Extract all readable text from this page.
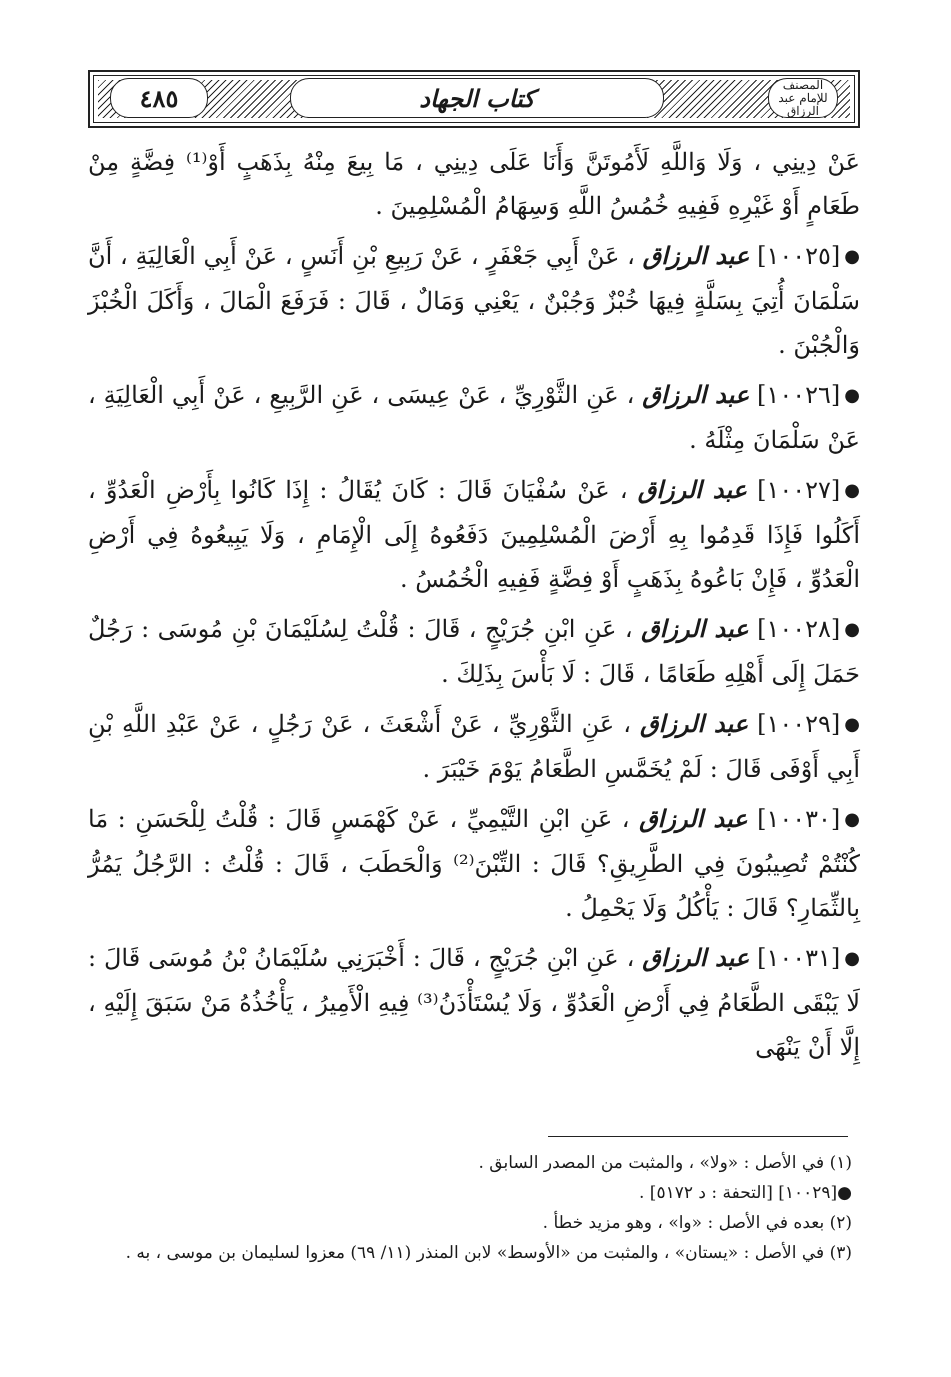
٤٨٥	كتاب الجهاد	المصنف
للإمام عبد الرزاق

عَنْ دِينِي ، وَلَا وَاللَّهِ لَأَمُوتَنَّ وَأَنَا عَلَى دِينِي ، مَا بِيعَ مِنْهُ بِذَهَبٍ أَوْ⁽¹⁾ فِضَّةٍ مِنْ طَعَامٍ أَوْ غَيْرِهِ فَفِيهِ خُمُسُ اللَّهِ وَسِهَامُ الْمُسْلِمِينَ .

●[١٠٠٢٥] عبد الرزاق ، عَنْ أَبِي جَعْفَرٍ ، عَنْ رَبِيعِ بْنِ أَنَسٍ ، عَنْ أَبِي الْعَالِيَةِ ، أَنَّ سَلْمَانَ أُتِيَ بِسَلَّةٍ فِيهَا خُبْزٌ وَجُبْنٌ ، يَعْنِي وَمَالٌ ، قَالَ : فَرَفَعَ الْمَالَ ، وَأَكَلَ الْخُبْزَ وَالْجُبْنَ .

●[١٠٠٢٦] عبد الرزاق ، عَنِ الثَّوْرِيِّ ، عَنْ عِيسَى ، عَنِ الرَّبِيعِ ، عَنْ أَبِي الْعَالِيَةِ ، عَنْ سَلْمَانَ مِثْلَهُ .

●[١٠٠٢٧] عبد الرزاق ، عَنْ سُفْيَانَ قَالَ : كَانَ يُقَالُ : إِذَا كَانُوا بِأَرْضِ الْعَدُوِّ ، أَكَلُوا فَإِذَا قَدِمُوا بِهِ أَرْضَ الْمُسْلِمِينَ دَفَعُوهُ إِلَى الْإِمَامِ ، وَلَا يَبِيعُوهُ فِي أَرْضِ الْعَدُوِّ ، فَإِنْ بَاعُوهُ بِذَهَبٍ أَوْ فِضَّةٍ فَفِيهِ الْخُمُسُ .

●[١٠٠٢٨] عبد الرزاق ، عَنِ ابْنِ جُرَيْجٍ ، قَالَ : قُلْتُ لِسُلَيْمَانَ بْنِ مُوسَى : رَجُلٌ حَمَلَ إِلَى أَهْلِهِ طَعَامًا ، قَالَ : لَا بَأْسَ بِذَلِكَ .

●[١٠٠٢٩] عبد الرزاق ، عَنِ الثَّوْرِيِّ ، عَنْ أَشْعَثَ ، عَنْ رَجُلٍ ، عَنْ عَبْدِ اللَّهِ بْنِ أَبِي أَوْفَى قَالَ : لَمْ يُخَمَّسِ الطَّعَامُ يَوْمَ خَيْبَرَ .

●[١٠٠٣٠] عبد الرزاق ، عَنِ ابْنِ التَّيْمِيِّ ، عَنْ كَهْمَسٍ قَالَ : قُلْتُ لِلْحَسَنِ : مَا كُنْتُمْ تُصِيبُونَ فِي الطَّرِيقِ؟ قَالَ : التِّبْنَ⁽²⁾ وَالْحَطَبَ ، قَالَ : قُلْتُ : الرَّجُلُ يَمُرُّ بِالثِّمَارِ؟ قَالَ : يَأْكُلُ وَلَا يَحْمِلُ .

●[١٠٠٣١] عبد الرزاق ، عَنِ ابْنِ جُرَيْجٍ ، قَالَ : أَخْبَرَنِي سُلَيْمَانُ بْنُ مُوسَى قَالَ : لَا يَبْقَى الطَّعَامُ فِي أَرْضِ الْعَدُوِّ ، وَلَا يُسْتَأْذَنُ⁽³⁾ فِيهِ الْأَمِيرُ ، يَأْخُذُهُ مَنْ سَبَقَ إِلَيْهِ ، إِلَّا أَنْ يَنْهَى

(١) في الأصل : «ولا» ، والمثبت من المصدر السابق .

●[١٠٠٢٩] [التحفة : د ٥١٧٢] .

(٢) بعده في الأصل : «وا» ، وهو مزيد خطأ .

(٣) في الأصل : «يستان» ، والمثبت من «الأوسط» لابن المنذر (١١/ ٦٩) معزوا لسليمان بن موسى ، به .
